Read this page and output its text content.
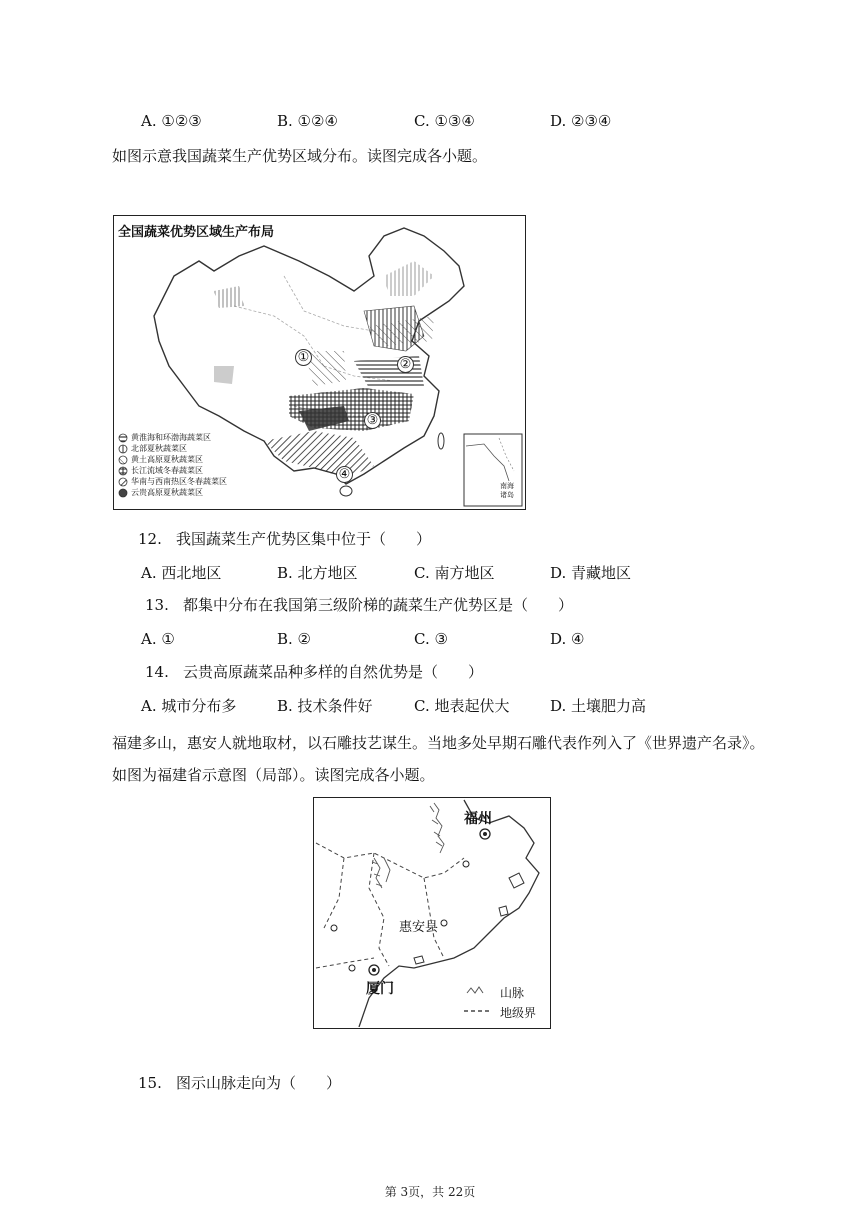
A. ①②③	B. ①②④	C. ①③④	D. ②③④
如图示意我国蔬菜生产优势区域分布。读图完成各小题。
全国蔬菜优势区域生产布局
①	②
③
④
黄淮海和环渤海蔬菜区
北部夏秋蔬菜区
黄土高原夏秋蔬菜区
长江流域冬春蔬菜区
华南与西南热区冬春蔬菜区
云贵高原夏秋蔬菜区
南海诸岛
12. 我国蔬菜生产优势区集中位于（　　）
A. 西北地区	B. 北方地区	C. 南方地区	D. 青藏地区
13. 都集中分布在我国第三级阶梯的蔬菜生产优势区是（　　）
A. ①	B. ②	C. ③	D. ④
14. 云贵高原蔬菜品种多样的自然优势是（　　）
A. 城市分布多	B. 技术条件好	C. 地表起伏大	D. 土壤肥力高
福建多山，惠安人就地取材，以石雕技艺谋生。当地多处早期石雕代表作列入了《世界遗产名录》。
如图为福建省示意图（局部）。读图完成各小题。
福州
惠安县
厦门	山脉
地级界
15. 图示山脉走向为（　　）
第 3页，共 22页
